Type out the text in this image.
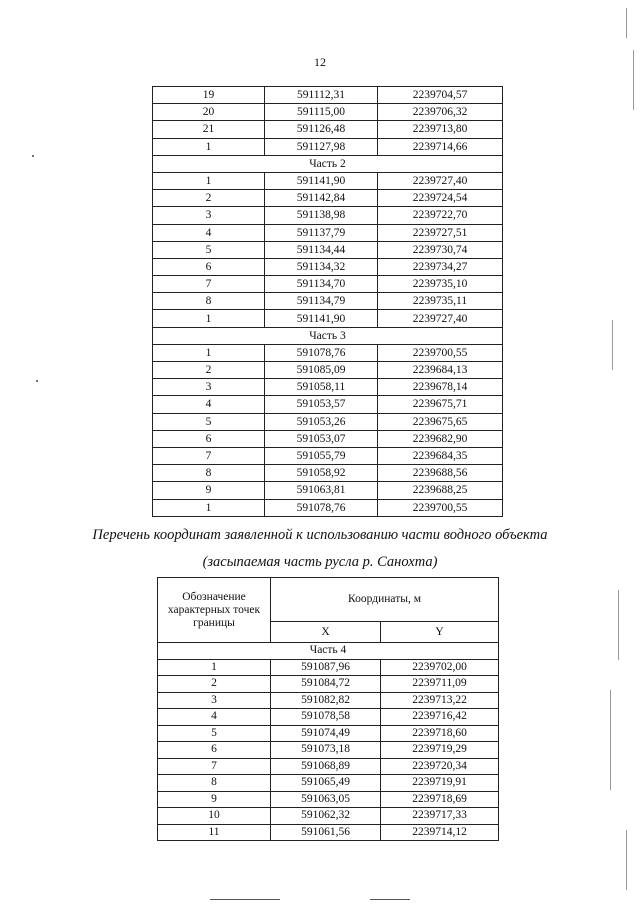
12
19	591112,31	2239704,57
20	591115,00	2239706,32
21	591126,48	2239713,80
1	591127,98	2239714,66
Часть 2		
1	591141,90	2239727,40
2	591142,84	2239724,54
3	591138,98	2239722,70
4	591137,79	2239727,51
5	591134,44	2239730,74
6	591134,32	2239734,27
7	591134,70	2239735,10
8	591134,79	2239735,11
1	591141,90	2239727,40
Часть 3		
1	591078,76	2239700,55
2	591085,09	2239684,13
3	591058,11	2239678,14
4	591053,57	2239675,71
5	591053,26	2239675,65
6	591053,07	2239682,90
7	591055,79	2239684,35
8	591058,92	2239688,56
9	591063,81	2239688,25
1	591078,76	2239700,55
Перечень координат заявленной к использованию части водного объекта
(засыпаемая часть русла р. Санохта)
Обозначение характерных точек границы	Координаты, м	
	X	Y
Часть 4		
1	591087,96	2239702,00
2	591084,72	2239711,09
3	591082,82	2239713,22
4	591078,58	2239716,42
5	591074,49	2239718,60
6	591073,18	2239719,29
7	591068,89	2239720,34
8	591065,49	2239719,91
9	591063,05	2239718,69
10	591062,32	2239717,33
11	591061,56	2239714,12
